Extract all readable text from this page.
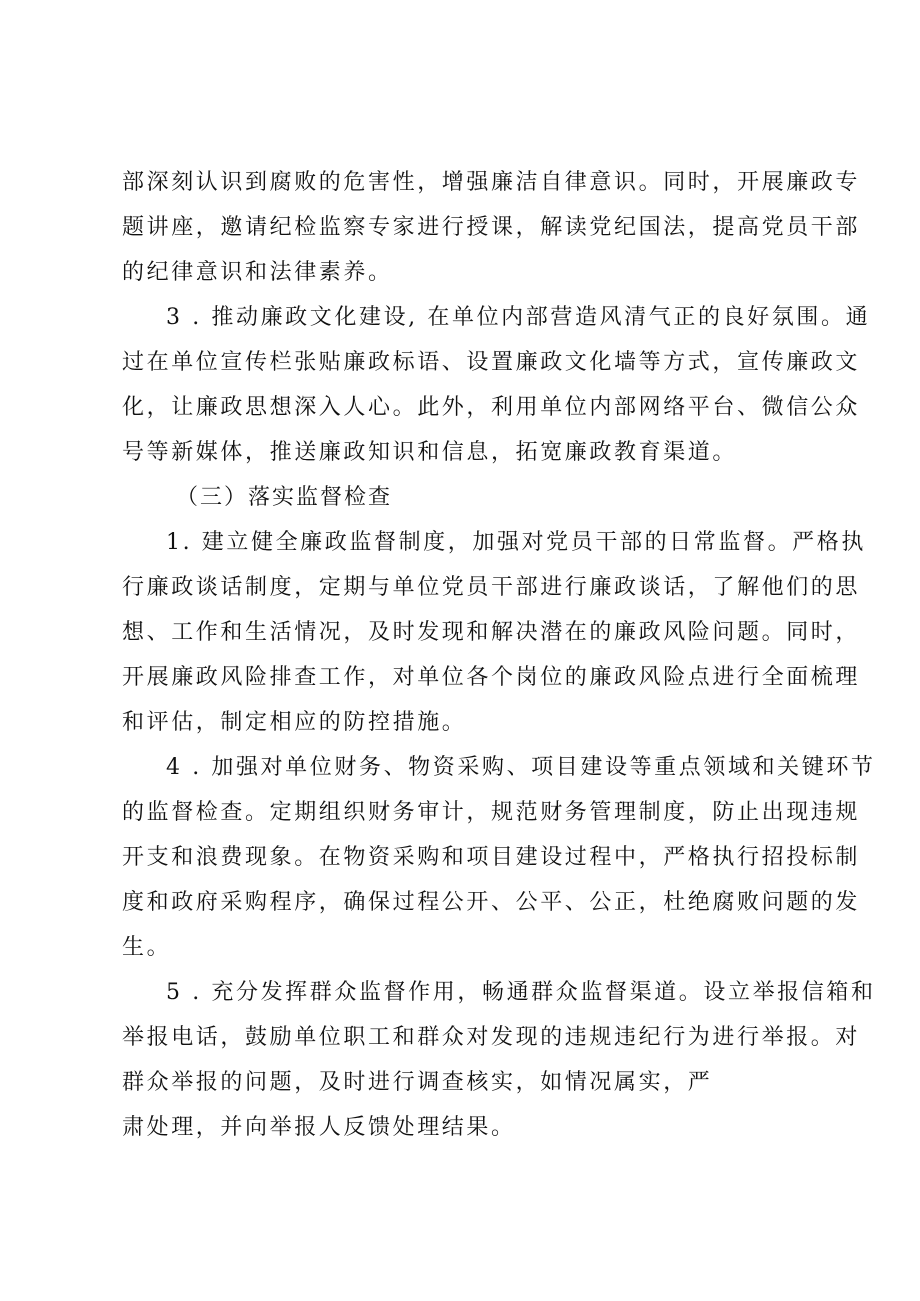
部深刻认识到腐败的危害性，增强廉洁自律意识。同时，开展廉政专
题讲座，邀请纪检监察专家进行授课，解读党纪国法，提高党员干部
的纪律意识和法律素养。
3 . 推动廉政文化建设, 在单位内部营造风清气正的良好氛围。通
过在单位宣传栏张贴廉政标语、设置廉政文化墙等方式，宣传廉政文
化，让廉政思想深入人心。此外，利用单位内部网络平台、微信公众
号等新媒体，推送廉政知识和信息，拓宽廉政教育渠道。
（三）落实监督检查
1. 建立健全廉政监督制度，加强对党员干部的日常监督。严格执
行廉政谈话制度，定期与单位党员干部进行廉政谈话，了解他们的思
想、工作和生活情况，及时发现和解决潜在的廉政风险问题。同时，
开展廉政风险排查工作，对单位各个岗位的廉政风险点进行全面梳理
和评估，制定相应的防控措施。
4 . 加强对单位财务、物资采购、项目建设等重点领域和关键环节
的监督检查。定期组织财务审计，规范财务管理制度，防止出现违规
开支和浪费现象。在物资采购和项目建设过程中，严格执行招投标制
度和政府采购程序，确保过程公开、公平、公正，杜绝腐败问题的发
生。
5 . 充分发挥群众监督作用，畅通群众监督渠道。设立举报信箱和
举报电话，鼓励单位职工和群众对发现的违规违纪行为进行举报。对
群众举报的问题，及时进行调查核实，如情况属实，严
肃处理，并向举报人反馈处理结果。
